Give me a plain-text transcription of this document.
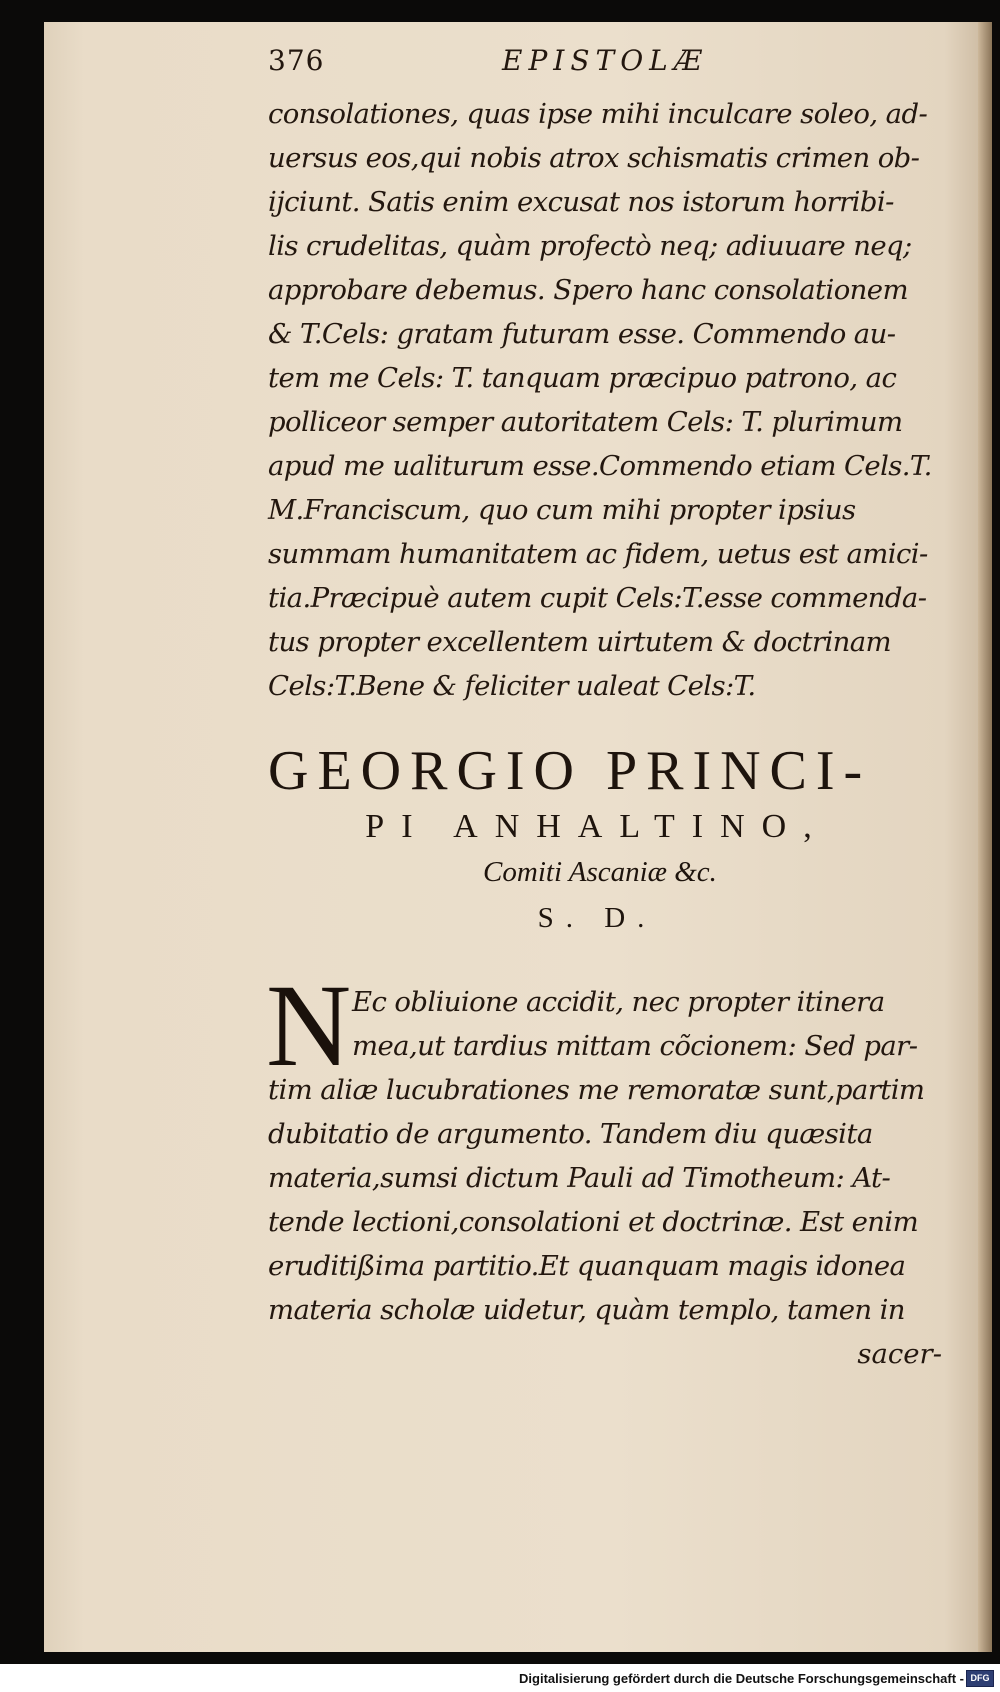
376	EPISTOLÆ
consolationes, quas ipse mihi inculcare soleo, ad-
uersus eos,qui nobis atrox schismatis crimen ob-
ijciunt. Satis enim excusat nos istorum horribi-
lis crudelitas, quàm profectò neq; adiuuare neq;
approbare debemus. Spero hanc consolationem
& T.Cels: gratam futuram esse. Commendo au-
tem me Cels: T. tanquam præcipuo patrono, ac
polliceor semper autoritatem Cels: T. plurimum
apud me ualiturum esse.Commendo etiam Cels.T.
M.Franciscum, quo cum mihi propter ipsius
summam humanitatem ac fidem, uetus est amici-
tia.Præcipuè autem cupit Cels:T.esse commenda-
tus propter excellentem uirtutem & doctrinam
Cels:T.Bene & feliciter ualeat Cels:T.
GEORGIO PRINCI-
PI ANHALTINO,
Comiti Ascaniæ &c.
S. D.
N Ec obliuione accidit, nec propter itinera
mea,ut tardius mittam cõcionem: Sed par-
tim aliæ lucubrationes me remoratæ sunt,partim
dubitatio de argumento. Tandem diu quæsita
materia,sumsi dictum Pauli ad Timotheum: At-
tende lectioni,consolationi et doctrinæ. Est enim
eruditißima partitio.Et quanquam magis idonea
materia scholæ uidetur, quàm templo, tamen in
sacer-
Digitalisierung gefördert durch die Deutsche Forschungsgemeinschaft - DFG
